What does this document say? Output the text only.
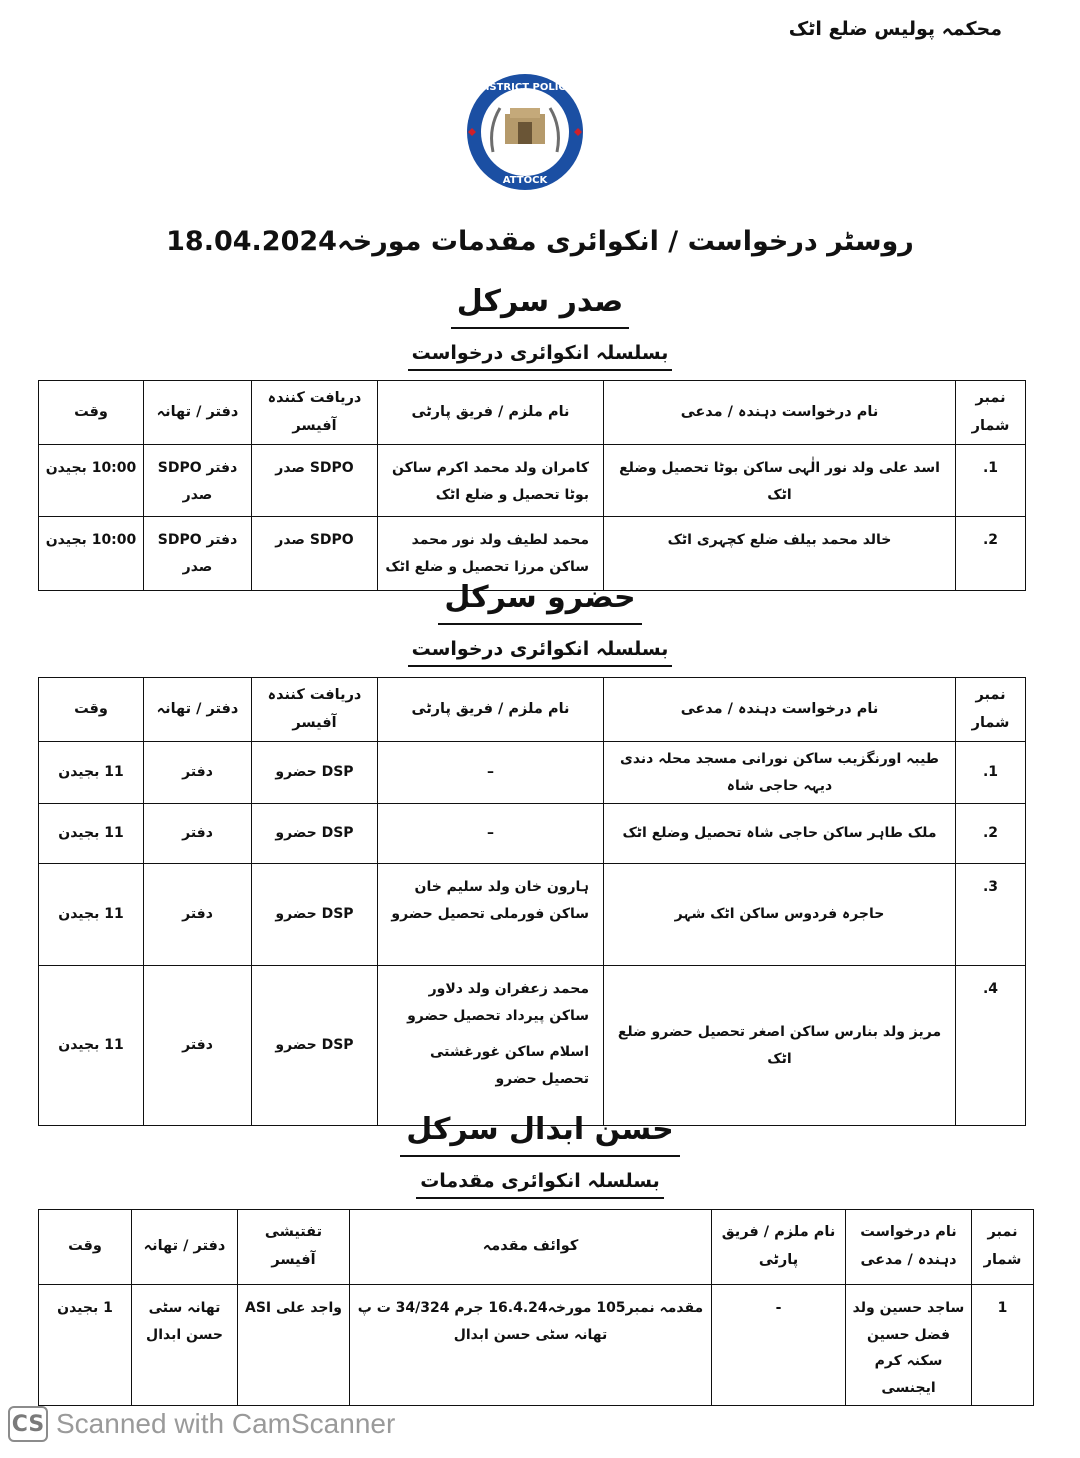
محکمہ پولیس ضلع اٹک
DISTRICT POLICE
ATTOCK
روسٹر درخواست / انکوائری مقدمات مورخہ18.04.2024
صدر سرکل
بسلسلہ انکوائری درخواست
نمبر شمار	نام درخواست دہندہ / مدعی	نام ملزم / فریق پارٹی	دریافت کنندہ آفیسر	دفتر / تھانہ	وقت
1.	اسد علی ولد نور الٰہی ساکن بوٹا تحصیل وضلع اٹک	کامران ولد محمد اکرم ساکن بوٹا تحصیل و ضلع اٹک	SDPO صدر	دفتر SDPO صدر	10:00 بجیدن
2.	خالد محمد بیلف ضلع کچہری اٹک	محمد لطیف ولد نور محمد ساکن مرزا تحصیل و ضلع اٹک	SDPO صدر	دفتر SDPO صدر	10:00 بجیدن
حضرو سرکل
بسلسلہ انکوائری درخواست
نمبر شمار	نام درخواست دہندہ / مدعی	نام ملزم / فریق پارٹی	دریافت کنندہ آفیسر	دفتر / تھانہ	وقت
1.	طیبہ اورنگزیب ساکن نورانی مسجد محلہ دندی دیہہ حاجی شاہ	–	DSP حضرو	دفتر	11 بجیدن
2.	ملک طاہر ساکن حاجی شاہ تحصیل وضلع اٹک	–	DSP حضرو	دفتر	11 بجیدن
3.	حاجرہ فردوس ساکن اٹک شہر	ہارون خان ولد سلیم خان ساکن فورملی تحصیل حضرو	DSP حضرو	دفتر	11 بجیدن
4.	مریز ولد بنارس ساکن اصغر تحصیل حضرو ضلع اٹک	محمد زعفران ولد دلاور ساکن پیرداد تحصیل حضرو
اسلام ساکن غورغشتی تحصیل حضرو	DSP حضرو	دفتر	11 بجیدن
حسن ابدال سرکل
بسلسلہ انکوائری مقدمات
نمبر شمار	نام درخواست دہندہ / مدعی	نام ملزم / فریق پارٹی	کوائف مقدمہ	تفتیشی آفیسر	دفتر / تھانہ	وقت
1	ساجد حسین ولد فضل حسین سکنہ کرم ایجنسی	-	مقدمہ نمبر105 مورخہ16.4.24 جرم 34/324 ت پ تھانہ سٹی حسن ابدال	واجد علی ASI	تھانہ سٹی حسن ابدال	1 بجیدن
CS Scanned with CamScanner
